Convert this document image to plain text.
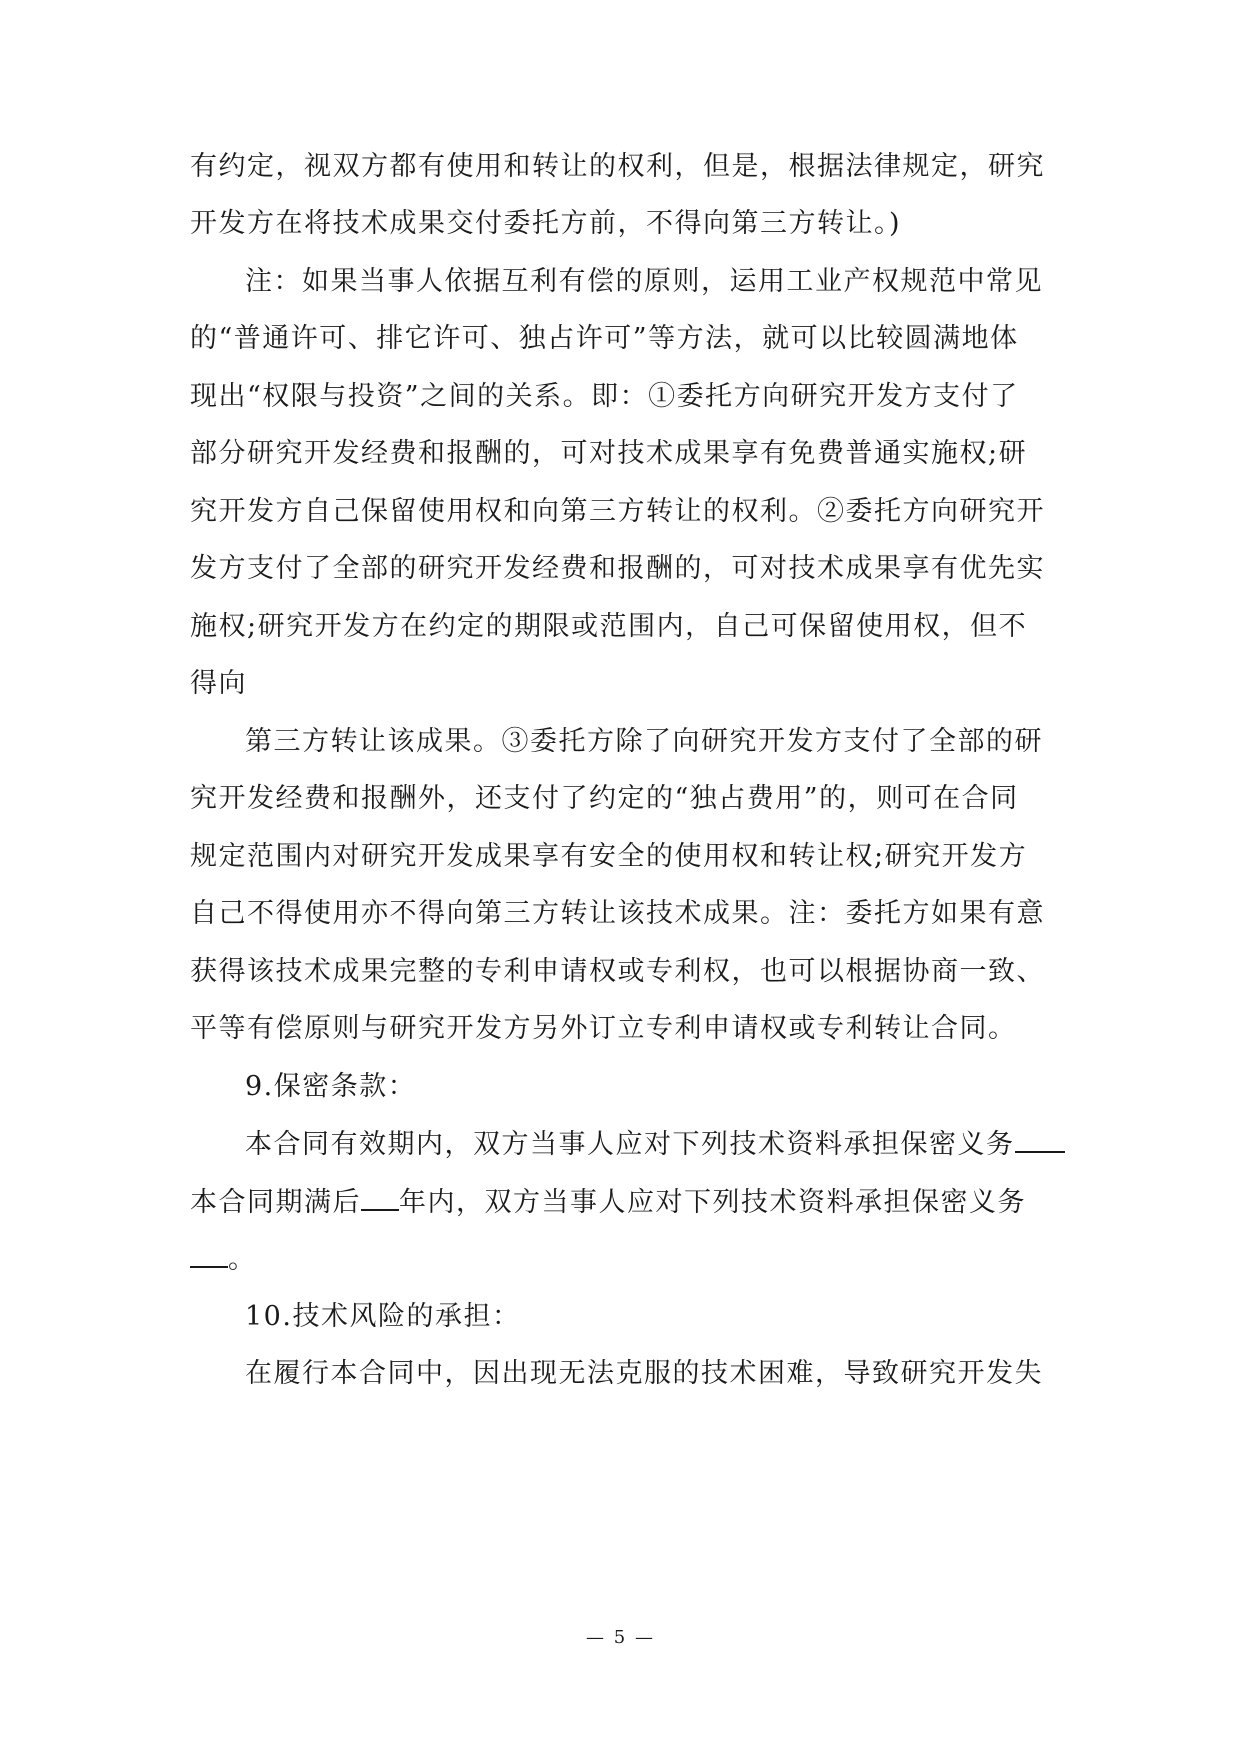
有约定，视双方都有使用和转让的权利，但是，根据法律规定，研究
开发方在将技术成果交付委托方前，不得向第三方转让。)
注：如果当事人依据互利有偿的原则，运用工业产权规范中常见
的“普通许可、排它许可、独占许可”等方法，就可以比较圆满地体
现出“权限与投资”之间的关系。即：①委托方向研究开发方支付了
部分研究开发经费和报酬的，可对技术成果享有免费普通实施权;研
究开发方自己保留使用权和向第三方转让的权利。②委托方向研究开
发方支付了全部的研究开发经费和报酬的，可对技术成果享有优先实
施权;研究开发方在约定的期限或范围内，自己可保留使用权，但不
得向
第三方转让该成果。③委托方除了向研究开发方支付了全部的研
究开发经费和报酬外，还支付了约定的“独占费用”的，则可在合同
规定范围内对研究开发成果享有安全的使用权和转让权;研究开发方
自己不得使用亦不得向第三方转让该技术成果。注：委托方如果有意
获得该技术成果完整的专利申请权或专利权，也可以根据协商一致、
平等有偿原则与研究开发方另外订立专利申请权或专利转让合同。
9.保密条款：
本合同有效期内，双方当事人应对下列技术资料承担保密义务
本合同期满后 年内，双方当事人应对下列技术资料承担保密义务
。
10.技术风险的承担：
在履行本合同中，因出现无法克服的技术困难，导致研究开发失
— 5 —
